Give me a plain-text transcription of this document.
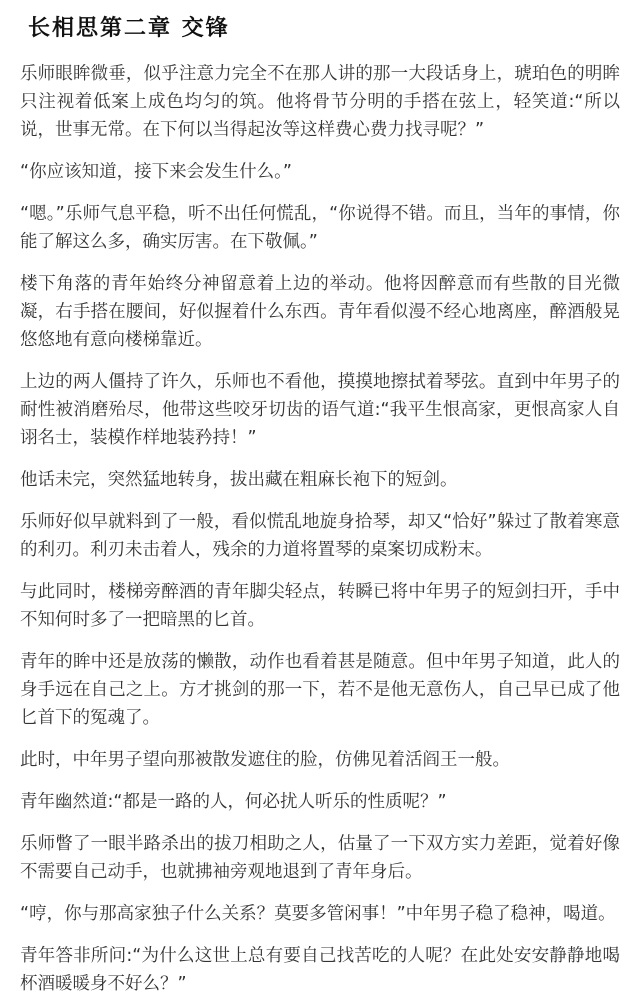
长相思第二章 交锋

乐师眼眸微垂，似乎注意力完全不在那人讲的那一大段话身上，琥珀色的明眸只注视着低案上成色均匀的筑。他将骨节分明的手搭在弦上，轻笑道:“所以说，世事无常。在下何以当得起汝等这样费心费力找寻呢？”

“你应该知道，接下来会发生什么。”

“嗯。”乐师气息平稳，听不出任何慌乱，“你说得不错。而且，当年的事情，你能了解这么多，确实厉害。在下敬佩。”

楼下角落的青年始终分神留意着上边的举动。他将因醉意而有些散的目光微凝，右手搭在腰间，好似握着什么东西。青年看似漫不经心地离座，醉酒般晃悠悠地有意向楼梯靠近。

上边的两人僵持了许久，乐师也不看他，摸摸地擦拭着琴弦。直到中年男子的耐性被消磨殆尽，他带这些咬牙切齿的语气道:“我平生恨高家，更恨高家人自诩名士，装模作样地装矜持！”

他话未完，突然猛地转身，拔出藏在粗麻长袍下的短剑。

乐师好似早就料到了一般，看似慌乱地旋身拾琴，却又“恰好”躲过了散着寒意的利刃。利刃未击着人，残余的力道将置琴的桌案切成粉末。

与此同时，楼梯旁醉酒的青年脚尖轻点，转瞬已将中年男子的短剑扫开，手中不知何时多了一把暗黑的匕首。

青年的眸中还是放荡的懒散，动作也看着甚是随意。但中年男子知道，此人的身手远在自己之上。方才挑剑的那一下，若不是他无意伤人，自己早已成了他匕首下的冤魂了。

此时，中年男子望向那被散发遮住的脸，仿佛见着活阎王一般。

青年幽然道:“都是一路的人，何必扰人听乐的性质呢？”

乐师瞥了一眼半路杀出的拔刀相助之人，估量了一下双方实力差距，觉着好像不需要自己动手，也就拂袖旁观地退到了青年身后。

“哼，你与那高家独子什么关系？莫要多管闲事！”中年男子稳了稳神，喝道。

青年答非所问:“为什么这世上总有要自己找苦吃的人呢？在此处安安静静地喝杯酒暖暖身不好么？”
